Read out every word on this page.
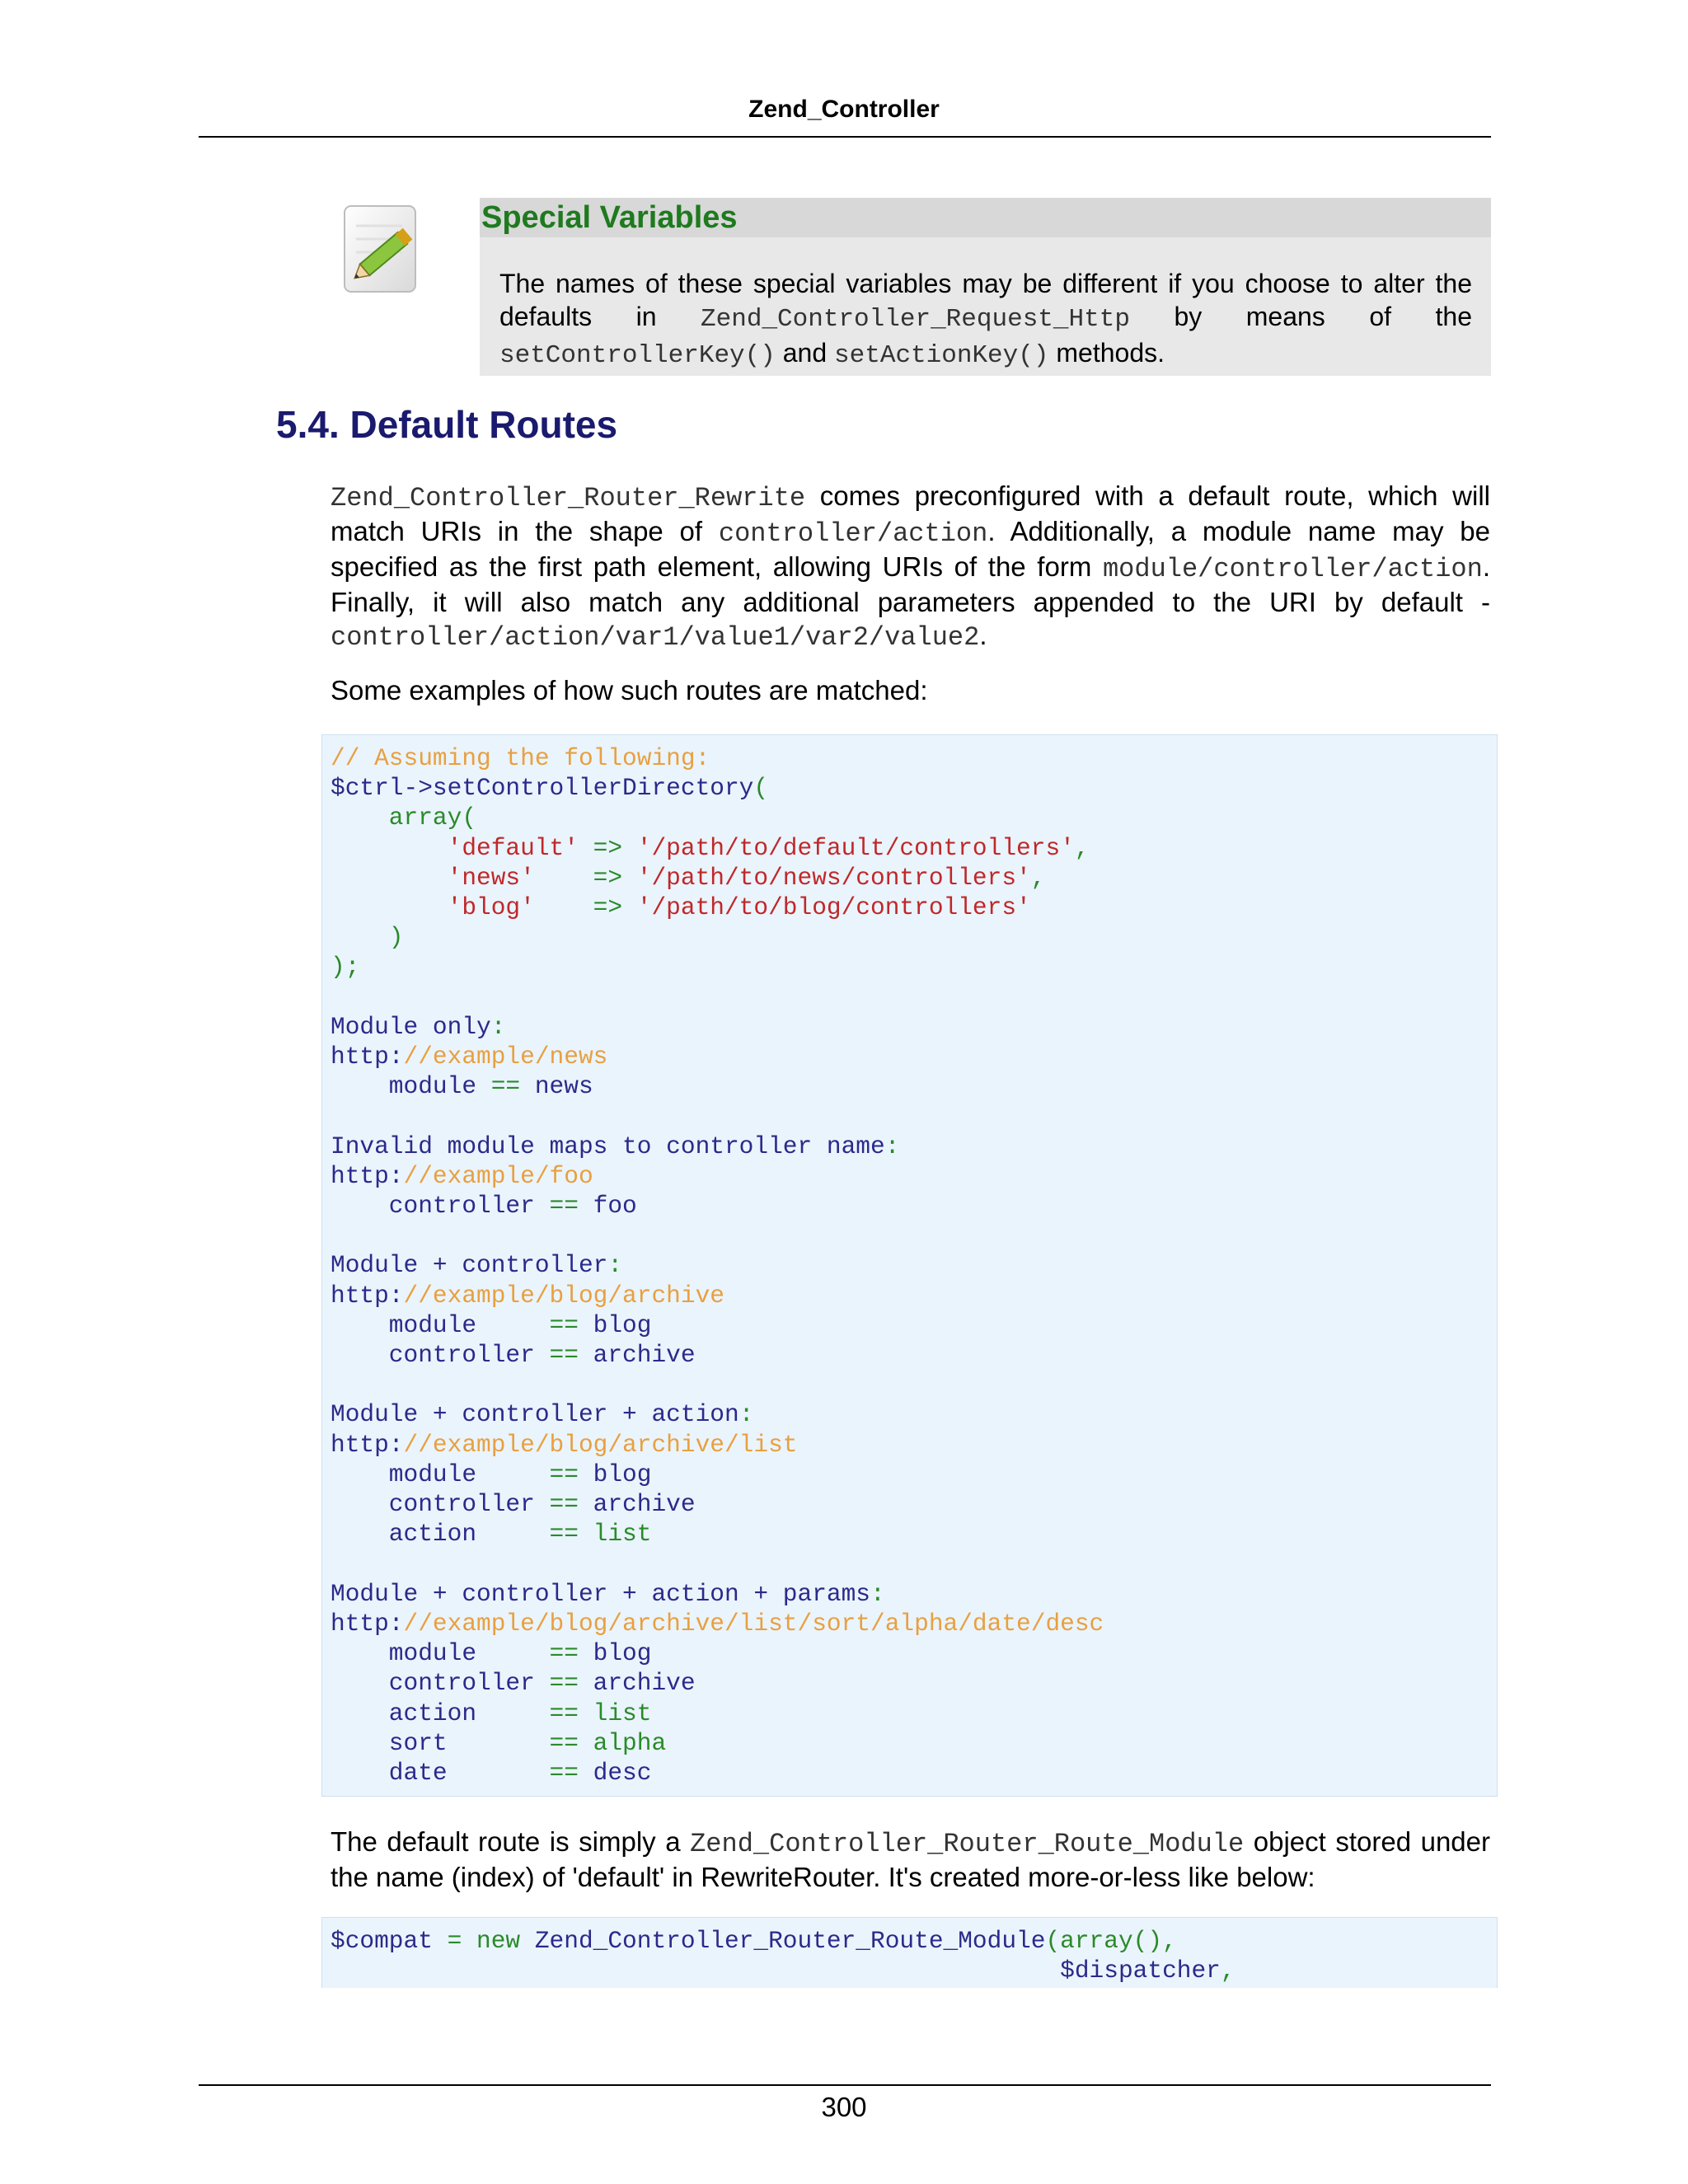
Zend_Controller
Special Variables
The names of these special variables may be different if you choose to alter the defaults in Zend_Controller_Request_Http by means of the setControllerKey() and setActionKey() methods.
5.4. Default Routes
Zend_Controller_Router_Rewrite comes preconfigured with a default route, which will match URIs in the shape of controller/action. Additionally, a module name may be specified as the first path element, allowing URIs of the form module/controller/action. Finally, it will also match any additional parameters appended to the URI by default - controller/action/var1/value1/var2/value2.
Some examples of how such routes are matched:
// Assuming the following:
$ctrl->setControllerDirectory(
array(
'default' => '/path/to/default/controllers',
'news'    => '/path/to/news/controllers',
'blog'    => '/path/to/blog/controllers'
)
);

Module only:
http://example/news
module == news

Invalid module maps to controller name:
http://example/foo
controller == foo

Module + controller:
http://example/blog/archive
module     == blog
controller == archive

Module + controller + action:
http://example/blog/archive/list
module     == blog
controller == archive
action     == list

Module + controller + action + params:
http://example/blog/archive/list/sort/alpha/date/desc
module     == blog
controller == archive
action     == list
sort       == alpha
date       == desc
The default route is simply a Zend_Controller_Router_Route_Module object stored under the name (index) of 'default' in RewriteRouter. It's created more-or-less like below:
$compat = new Zend_Controller_Router_Route_Module(array(),
$dispatcher,
300
